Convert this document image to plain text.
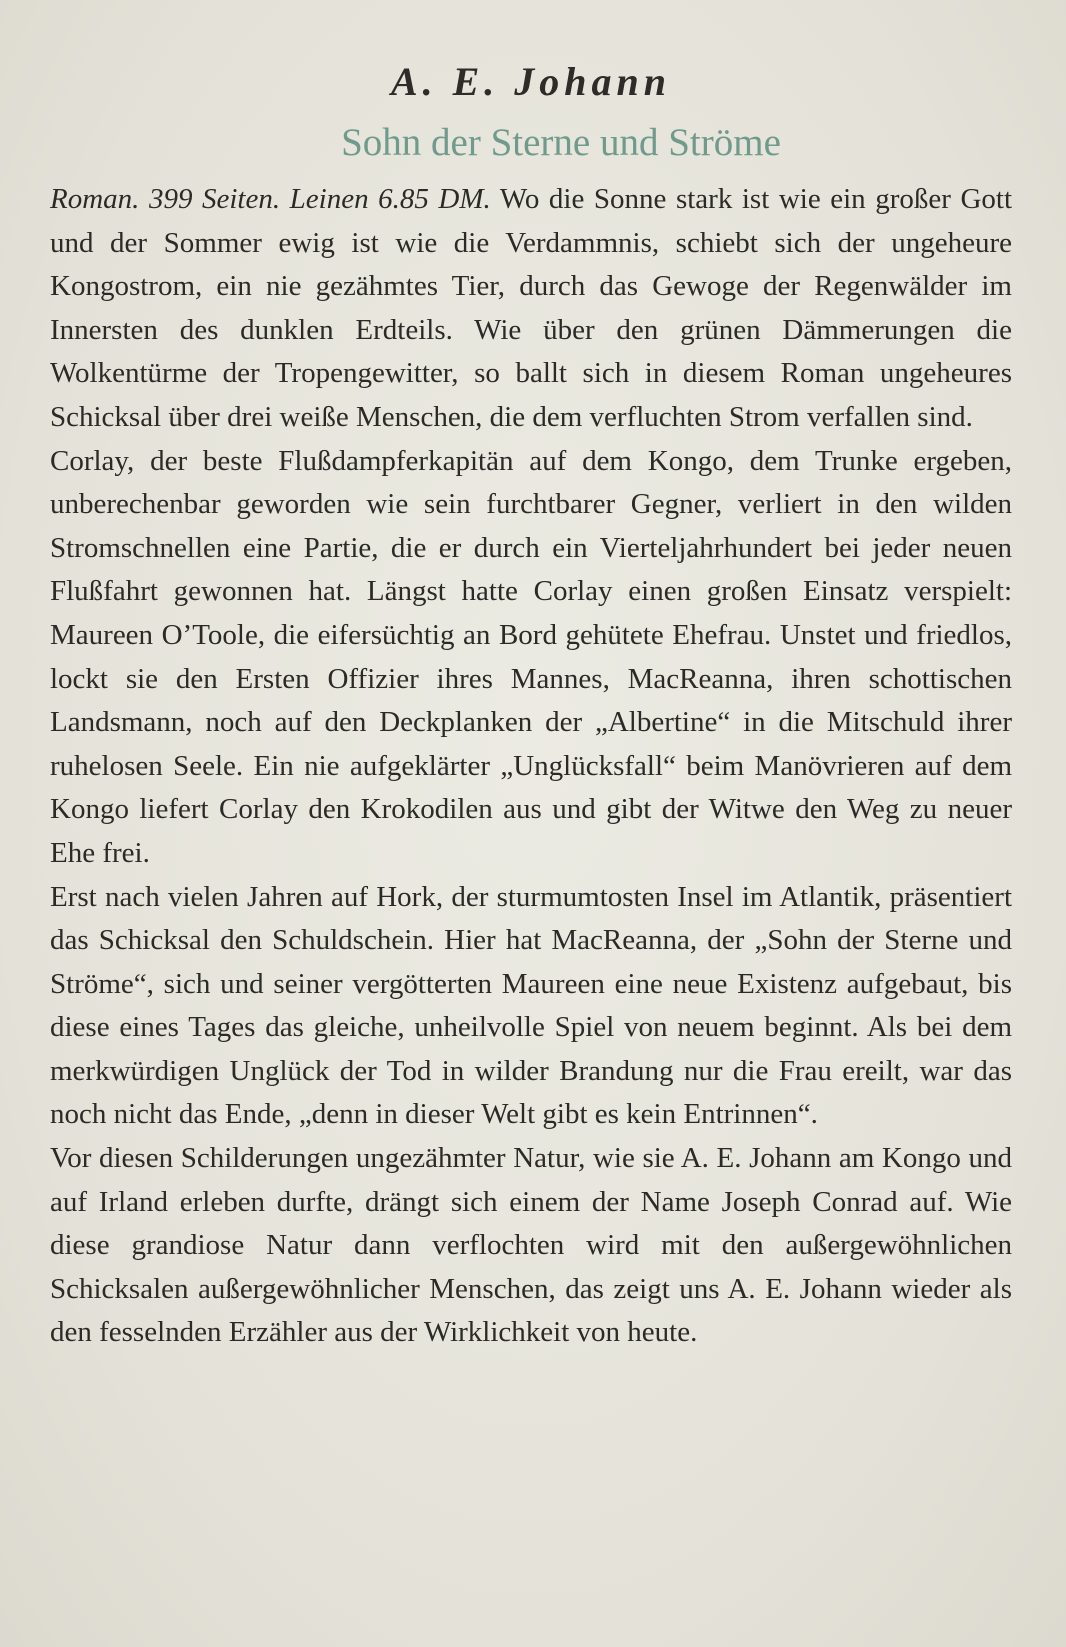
A. E. Johann
Sohn der Sterne und Ströme

Roman. 399 Seiten. Leinen 6.85 DM. Wo die Sonne stark ist wie ein großer Gott und der Sommer ewig ist wie die Verdammnis, schiebt sich der ungeheure Kongostrom, ein nie gezähmtes Tier, durch das Gewoge der Regenwälder im Innersten des dunklen Erdteils. Wie über den grünen Dämmerungen die Wolkentürme der Tropengewitter, so ballt sich in diesem Roman ungeheures Schicksal über drei weiße Menschen, die dem verfluchten Strom verfallen sind.

Corlay, der beste Flußdampferkapitän auf dem Kongo, dem Trunke ergeben, unberechenbar geworden wie sein furchtbarer Gegner, verliert in den wilden Stromschnellen eine Partie, die er durch ein Vierteljahrhundert bei jeder neuen Flußfahrt gewonnen hat. Längst hatte Corlay einen großen Einsatz verspielt: Maureen O’Toole, die eifersüchtig an Bord gehütete Ehefrau. Unstet und friedlos, lockt sie den Ersten Offizier ihres Mannes, MacReanna, ihren schottischen Landsmann, noch auf den Deckplanken der „Albertine“ in die Mitschuld ihrer ruhelosen Seele. Ein nie aufgeklärter „Unglücksfall“ beim Manövrieren auf dem Kongo liefert Corlay den Krokodilen aus und gibt der Witwe den Weg zu neuer Ehe frei.

Erst nach vielen Jahren auf Hork, der sturmumtosten Insel im Atlantik, präsentiert das Schicksal den Schuldschein. Hier hat MacReanna, der „Sohn der Sterne und Ströme“, sich und seiner vergötterten Maureen eine neue Existenz aufgebaut, bis diese eines Tages das gleiche, unheilvolle Spiel von neuem beginnt. Als bei dem merkwürdigen Unglück der Tod in wilder Brandung nur die Frau ereilt, war das noch nicht das Ende, „denn in dieser Welt gibt es kein Entrinnen“.

Vor diesen Schilderungen ungezähmter Natur, wie sie A. E. Johann am Kongo und auf Irland erleben durfte, drängt sich einem der Name Joseph Conrad auf. Wie diese grandiose Natur dann verflochten wird mit den außergewöhnlichen Schicksalen außergewöhnlicher Menschen, das zeigt uns A. E. Johann wieder als den fesselnden Erzähler aus der Wirklichkeit von heute.
